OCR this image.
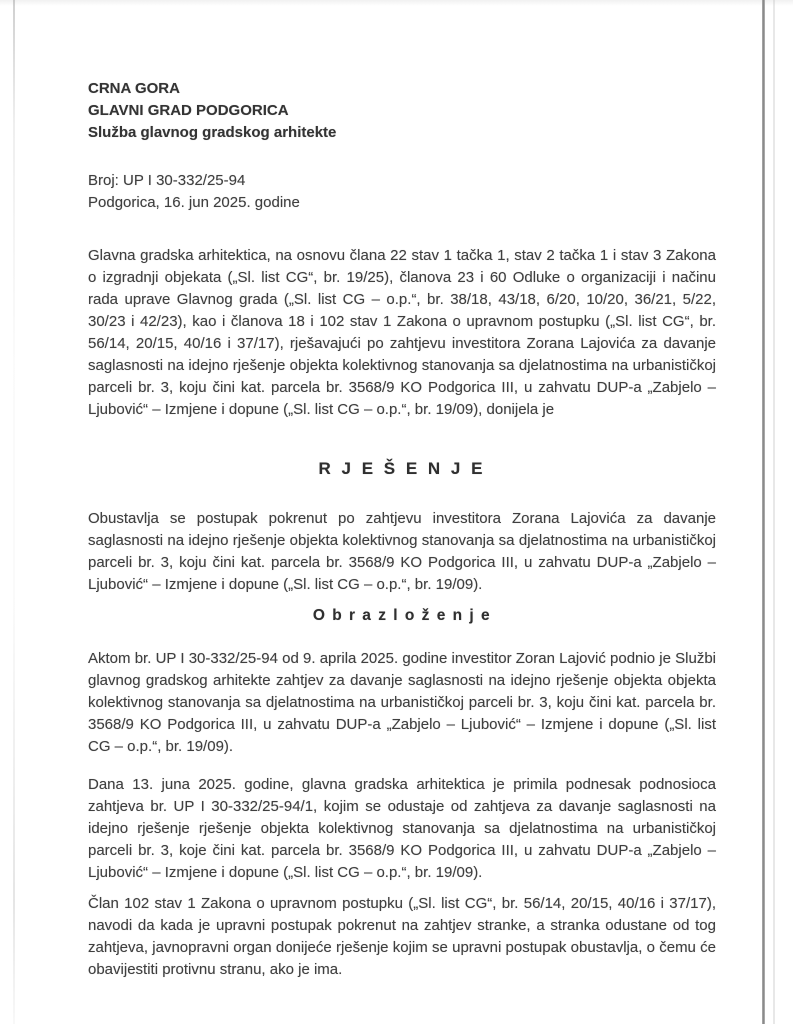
CRNA GORA
GLAVNI GRAD PODGORICA
Služba glavnog gradskog arhitekte
Broj: UP I 30-332/25-94
Podgorica, 16. jun 2025. godine

Glavna gradska arhitektica, na osnovu člana 22 stav 1 tačka 1, stav 2 tačka 1 i stav 3 Zakona o izgradnji objekata („Sl. list CG“, br. 19/25), članova 23 i 60 Odluke o organizaciji i načinu rada uprave Glavnog grada („Sl. list CG – o.p.“, br. 38/18, 43/18, 6/20, 10/20, 36/21, 5/22, 30/23 i 42/23), kao i članova 18 i 102 stav 1 Zakona o upravnom postupku („Sl. list CG“, br. 56/14, 20/15, 40/16 i 37/17), rješavajući po zahtjevu investitora Zorana Lajovića za davanje saglasnosti na idejno rješenje objekta kolektivnog stanovanja sa djelatnostima na urbanističkoj parceli br. 3, koju čini kat. parcela br. 3568/9 KO Podgorica III, u zahvatu DUP-a „Zabjelo – Ljubović“ – Izmjene i dopune („Sl. list CG – o.p.“, br. 19/09), donijela je

R J E Š E N J E

Obustavlja se postupak pokrenut po zahtjevu investitora Zorana Lajovića za davanje saglasnosti na idejno rješenje objekta kolektivnog stanovanja sa djelatnostima na urbanističkoj parceli br. 3, koju čini kat. parcela br. 3568/9 KO Podgorica III, u zahvatu DUP-a „Zabjelo – Ljubović“ – Izmjene i dopune („Sl. list CG – o.p.“, br. 19/09).

O b r a z l o ž e n j e

Aktom br. UP I 30-332/25-94 od 9. aprila 2025. godine investitor Zoran Lajović podnio je Službi glavnog gradskog arhitekte zahtjev za davanje saglasnosti na idejno rješenje objekta objekta kolektivnog stanovanja sa djelatnostima na urbanističkoj parceli br. 3, koju čini kat. parcela br. 3568/9 KO Podgorica III, u zahvatu DUP-a „Zabjelo – Ljubović“ – Izmjene i dopune („Sl. list CG – o.p.“, br. 19/09).

Dana 13. juna 2025. godine, glavna gradska arhitektica je primila podnesak podnosioca zahtjeva br. UP I 30-332/25-94/1, kojim se odustaje od zahtjeva za davanje saglasnosti na idejno rješenje rješenje objekta kolektivnog stanovanja sa djelatnostima na urbanističkoj parceli br. 3, koje čini kat. parcela br. 3568/9 KO Podgorica III, u zahvatu DUP-a „Zabjelo – Ljubović“ – Izmjene i dopune („Sl. list CG – o.p.“, br. 19/09).

Član 102 stav 1 Zakona o upravnom postupku („Sl. list CG“, br. 56/14, 20/15, 40/16 i 37/17), navodi da kada je upravni postupak pokrenut na zahtjev stranke, a stranka odustane od tog zahtjeva, javnopravni organ donijeće rješenje kojim se upravni postupak obustavlja, o čemu će obavijestiti protivnu stranu, ako je ima.
